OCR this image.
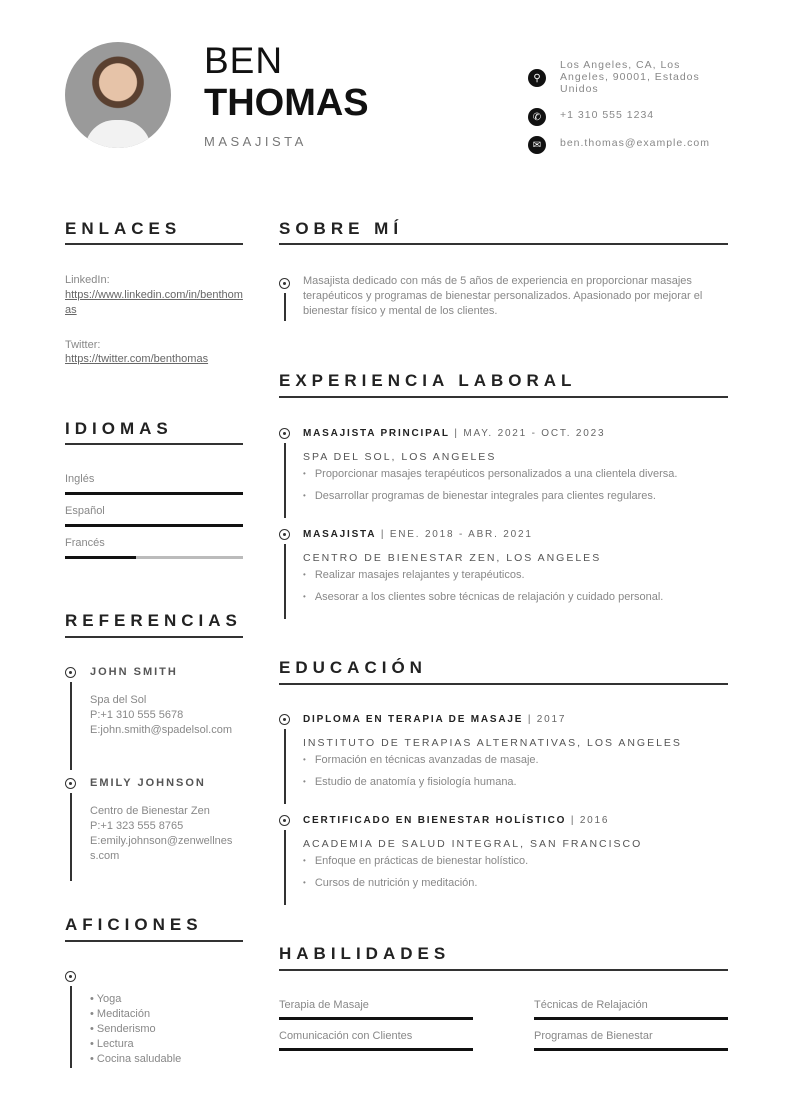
BEN
THOMAS
MASAJISTA
⚲
Los Angeles, CA, Los Angeles, 90001, Estados Unidos
✆	+1 310 555 1234
✉	ben.thomas@example.com
ENLACES
LinkedIn:
https://www.linkedin.com/in/benthomas
Twitter:
https://twitter.com/benthomas
IDIOMAS
Inglés
Español
Francés
REFERENCIAS
JOHN SMITH
Spa del Sol
P:+1 310 555 5678
E:john.smith@spadelsol.com
EMILY JOHNSON
Centro de Bienestar Zen
P:+1 323 555 8765
E:emily.johnson@zenwellness.com
AFICIONES
• Yoga
• Meditación
• Senderismo
• Lectura
• Cocina saludable
SOBRE MÍ
Masajista dedicado con más de 5 años de experiencia en proporcionar masajes terapéuticos y programas de bienestar personalizados. Apasionado por mejorar el bienestar físico y mental de los clientes.
EXPERIENCIA LABORAL
MASAJISTA PRINCIPAL | MAY. 2021 - OCT. 2023
SPA DEL SOL, LOS ANGELES
• Proporcionar masajes terapéuticos personalizados a una clientela diversa.
• Desarrollar programas de bienestar integrales para clientes regulares.
MASAJISTA | ENE. 2018 - ABR. 2021
CENTRO DE BIENESTAR ZEN, LOS ANGELES
• Realizar masajes relajantes y terapéuticos.
• Asesorar a los clientes sobre técnicas de relajación y cuidado personal.
EDUCACIÓN
DIPLOMA EN TERAPIA DE MASAJE | 2017
INSTITUTO DE TERAPIAS ALTERNATIVAS, LOS ANGELES
• Formación en técnicas avanzadas de masaje.
• Estudio de anatomía y fisiología humana.
CERTIFICADO EN BIENESTAR HOLÍSTICO | 2016
ACADEMIA DE SALUD INTEGRAL, SAN FRANCISCO
• Enfoque en prácticas de bienestar holístico.
• Cursos de nutrición y meditación.
HABILIDADES
Terapia de Masaje	Técnicas de Relajación
Comunicación con Clientes	Programas de Bienestar
